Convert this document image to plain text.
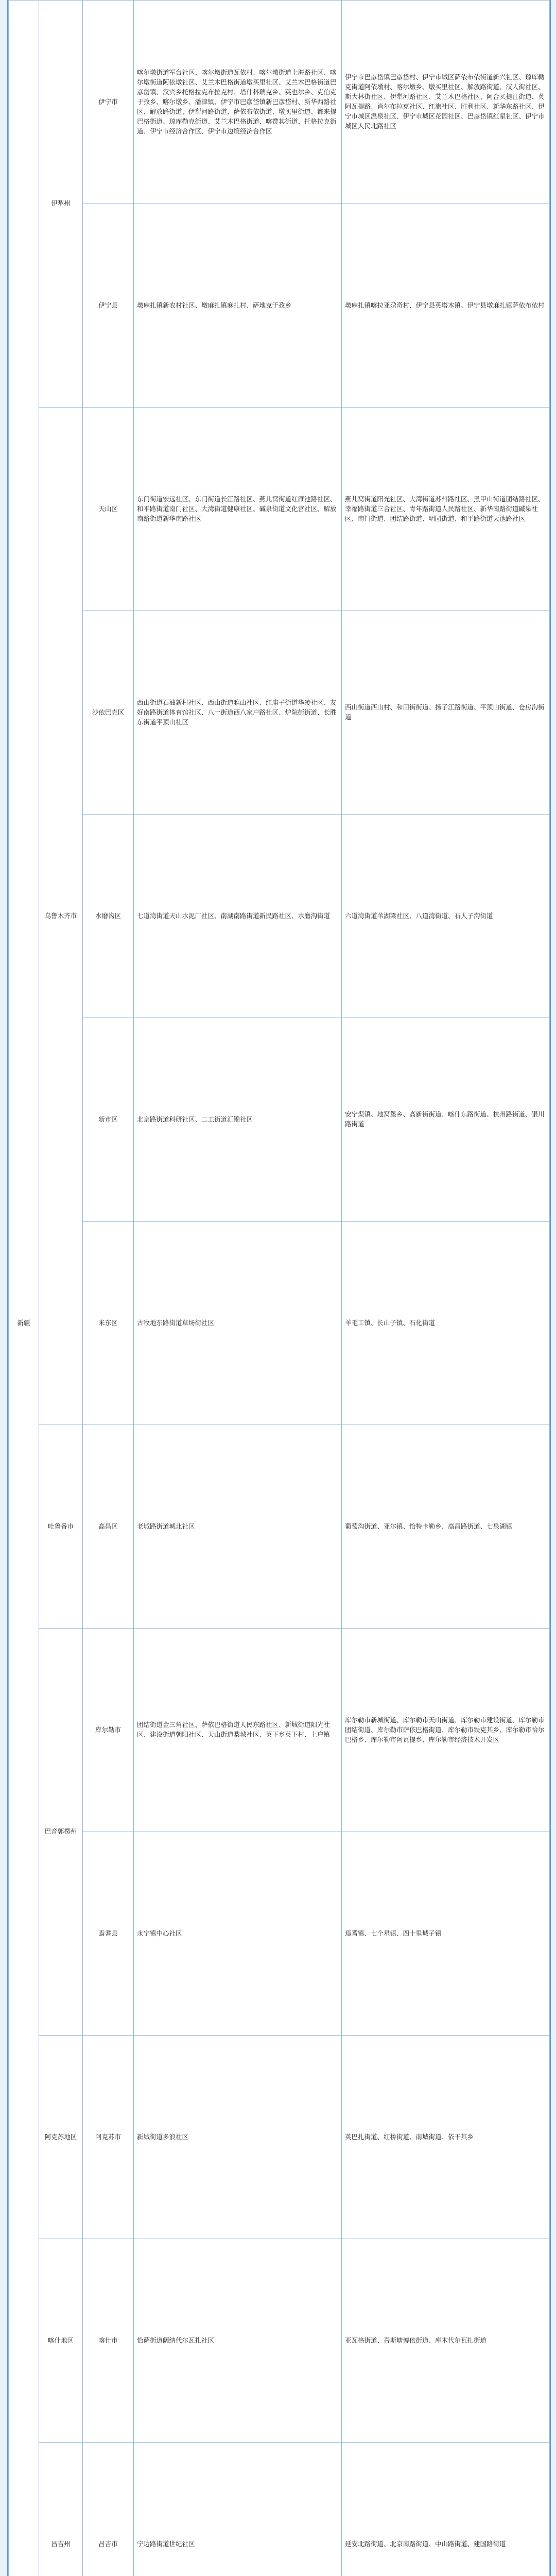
新疆	伊犁州	伊宁市	喀尔墩街道军台社区、喀尔墩街道瓦依村、喀尔墩街道上海路社区、喀尔墩街道阿依墩社区、艾兰木巴格街道墩买里社区、艾兰木巴格街道巴彦岱镇、汉宾乡托格拉克布拉克村、塔什科瑞克乡、英也尔乡、克伯克于孜乡、喀尔墩乡、潘津镇、伊宁市巴彦岱镇新巴彦岱村、新华西路社区、解放路街道、伊犁河路街道、萨依布依街道、墩买里街道、都来提巴格街道、琼库勒克街道、艾兰木巴格街道、喀赞其街道、托格拉克街道、伊宁市经济合作区、伊宁市边境经济合作区	伊宁市巴彦岱镇巴彦岱村、伊宁市城区萨依布依街道新兴社区、琼库勒克街道阿依墩村、喀尔墩乡、墩买里社区、解放路街道、汉人街社区、斯大林街社区、伊犁河路社区、艾兰木巴格社区、阿合买提江街道、英阿瓦提路、肖尔布拉克社区、红旗社区、胜利社区、新华东路社区、伊宁市城区温泉社区、伊宁市城区花园社区、巴彦岱镇红星社区、伊宁市城区人民北路社区
		伊宁县	墩麻扎镇新农村社区、墩麻扎镇麻扎村、萨地克于孜乡	墩麻扎镇喀拉亚尕奇村、伊宁县英塔木镇、伊宁县墩麻扎镇萨依布依村
	乌鲁木齐市	天山区	东门街道宏远社区、东门街道长江路社区、燕儿窝街道红雁池路社区、和平路街道南门社区、大湾街道健康社区、碱泉街道文化宫社区、解放南路街道新华南路社区	燕儿窝街道阳光社区、大湾街道苏州路社区、黑甲山街道团结路社区、幸福路街道三合社区、青年路街道人民路社区、新华南路街道碱泉社区、南门街道、团结路街道、明园街道、和平路街道天池路社区
		沙依巴克区	西山街道石油新村社区、西山街道雅山社区、红庙子街道华凌社区、友好南路街道体育馆社区、八一街道西八家户路社区、炉院街街道、长胜东街道平顶山社区	西山街道西山村、和田街街道、扬子江路街道、平顶山街道、仓房沟街道
		水磨沟区	七道湾街道天山水泥厂社区、南湖南路街道新民路社区、水磨沟街道	六道湾街道苇湖梁社区、八道湾街道、石人子沟街道
		新市区	北京路街道科研社区、二工街道汇锦社区	安宁渠镇、地窝堡乡、高新街街道、喀什东路街道、杭州路街道、银川路街道
		米东区	古牧地东路街道草场街社区	羊毛工镇、长山子镇、石化街道
	吐鲁番市	高昌区	老城路街道城北社区	葡萄沟街道、亚尔镇、恰特卡勒乡、高昌路街道、七泉湖镇
	巴音郭楞州	库尔勒市	团结街道金三角社区、萨依巴格街道人民东路社区、新城街道阳光社区、建设街道朝阳社区、天山街道梨城社区、英下乡英下村、上户镇	库尔勒市新城街道、库尔勒市天山街道、库尔勒市建设街道、库尔勒市团结街道、库尔勒市萨依巴格街道、库尔勒市铁克其乡、库尔勒市恰尔巴格乡、库尔勒市阿瓦提乡、库尔勒市经济技术开发区
		焉耆县	永宁镇中心社区	焉耆镇、七个星镇、四十里城子镇
	阿克苏地区	阿克苏市	新城街道多浪社区	英巴扎街道、红桥街道、南城街道、依干其乡
	喀什地区	喀什市	恰萨街道阔纳代尔瓦扎社区	亚瓦格街道、吾斯塘博依街道、库木代尔瓦扎街道
	昌吉州	昌吉市	宁边路街道世纪社区	延安北路街道、北京南路街道、中山路街道、建国路街道
